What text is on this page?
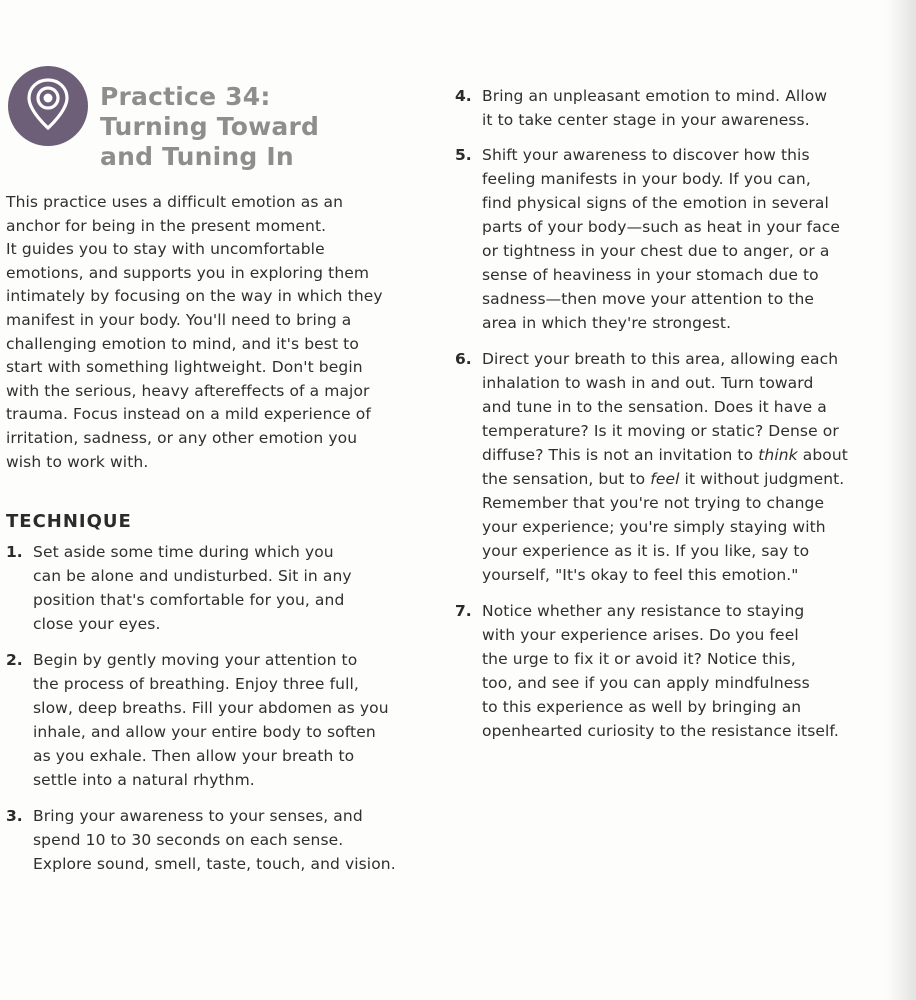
Practice 34:
Turning Toward
and Tuning In
This practice uses a difficult emotion as an
anchor for being in the present moment.
It guides you to stay with uncomfortable
emotions, and supports you in exploring them
intimately by focusing on the way in which they
manifest in your body. You'll need to bring a
challenging emotion to mind, and it's best to
start with something lightweight. Don't begin
with the serious, heavy aftereffects of a major
trauma. Focus instead on a mild experience of
irritation, sadness, or any other emotion you
wish to work with.
TECHNIQUE
1. Set aside some time during which you
can be alone and undisturbed. Sit in any
position that's comfortable for you, and
close your eyes.
2. Begin by gently moving your attention to
the process of breathing. Enjoy three full,
slow, deep breaths. Fill your abdomen as you
inhale, and allow your entire body to soften
as you exhale. Then allow your breath to
settle into a natural rhythm.
3. Bring your awareness to your senses, and
spend 10 to 30 seconds on each sense.
Explore sound, smell, taste, touch, and vision.
4. Bring an unpleasant emotion to mind. Allow
it to take center stage in your awareness.
5. Shift your awareness to discover how this
feeling manifests in your body. If you can,
find physical signs of the emotion in several
parts of your body—such as heat in your face
or tightness in your chest due to anger, or a
sense of heaviness in your stomach due to
sadness—then move your attention to the
area in which they're strongest.
6. Direct your breath to this area, allowing each
inhalation to wash in and out. Turn toward
and tune in to the sensation. Does it have a
temperature? Is it moving or static? Dense or
diffuse? This is not an invitation to think about
the sensation, but to feel it without judgment.
Remember that you're not trying to change
your experience; you're simply staying with
your experience as it is. If you like, say to
yourself, "It's okay to feel this emotion."
7. Notice whether any resistance to staying
with your experience arises. Do you feel
the urge to fix it or avoid it? Notice this,
too, and see if you can apply mindfulness
to this experience as well by bringing an
openhearted curiosity to the resistance itself.
